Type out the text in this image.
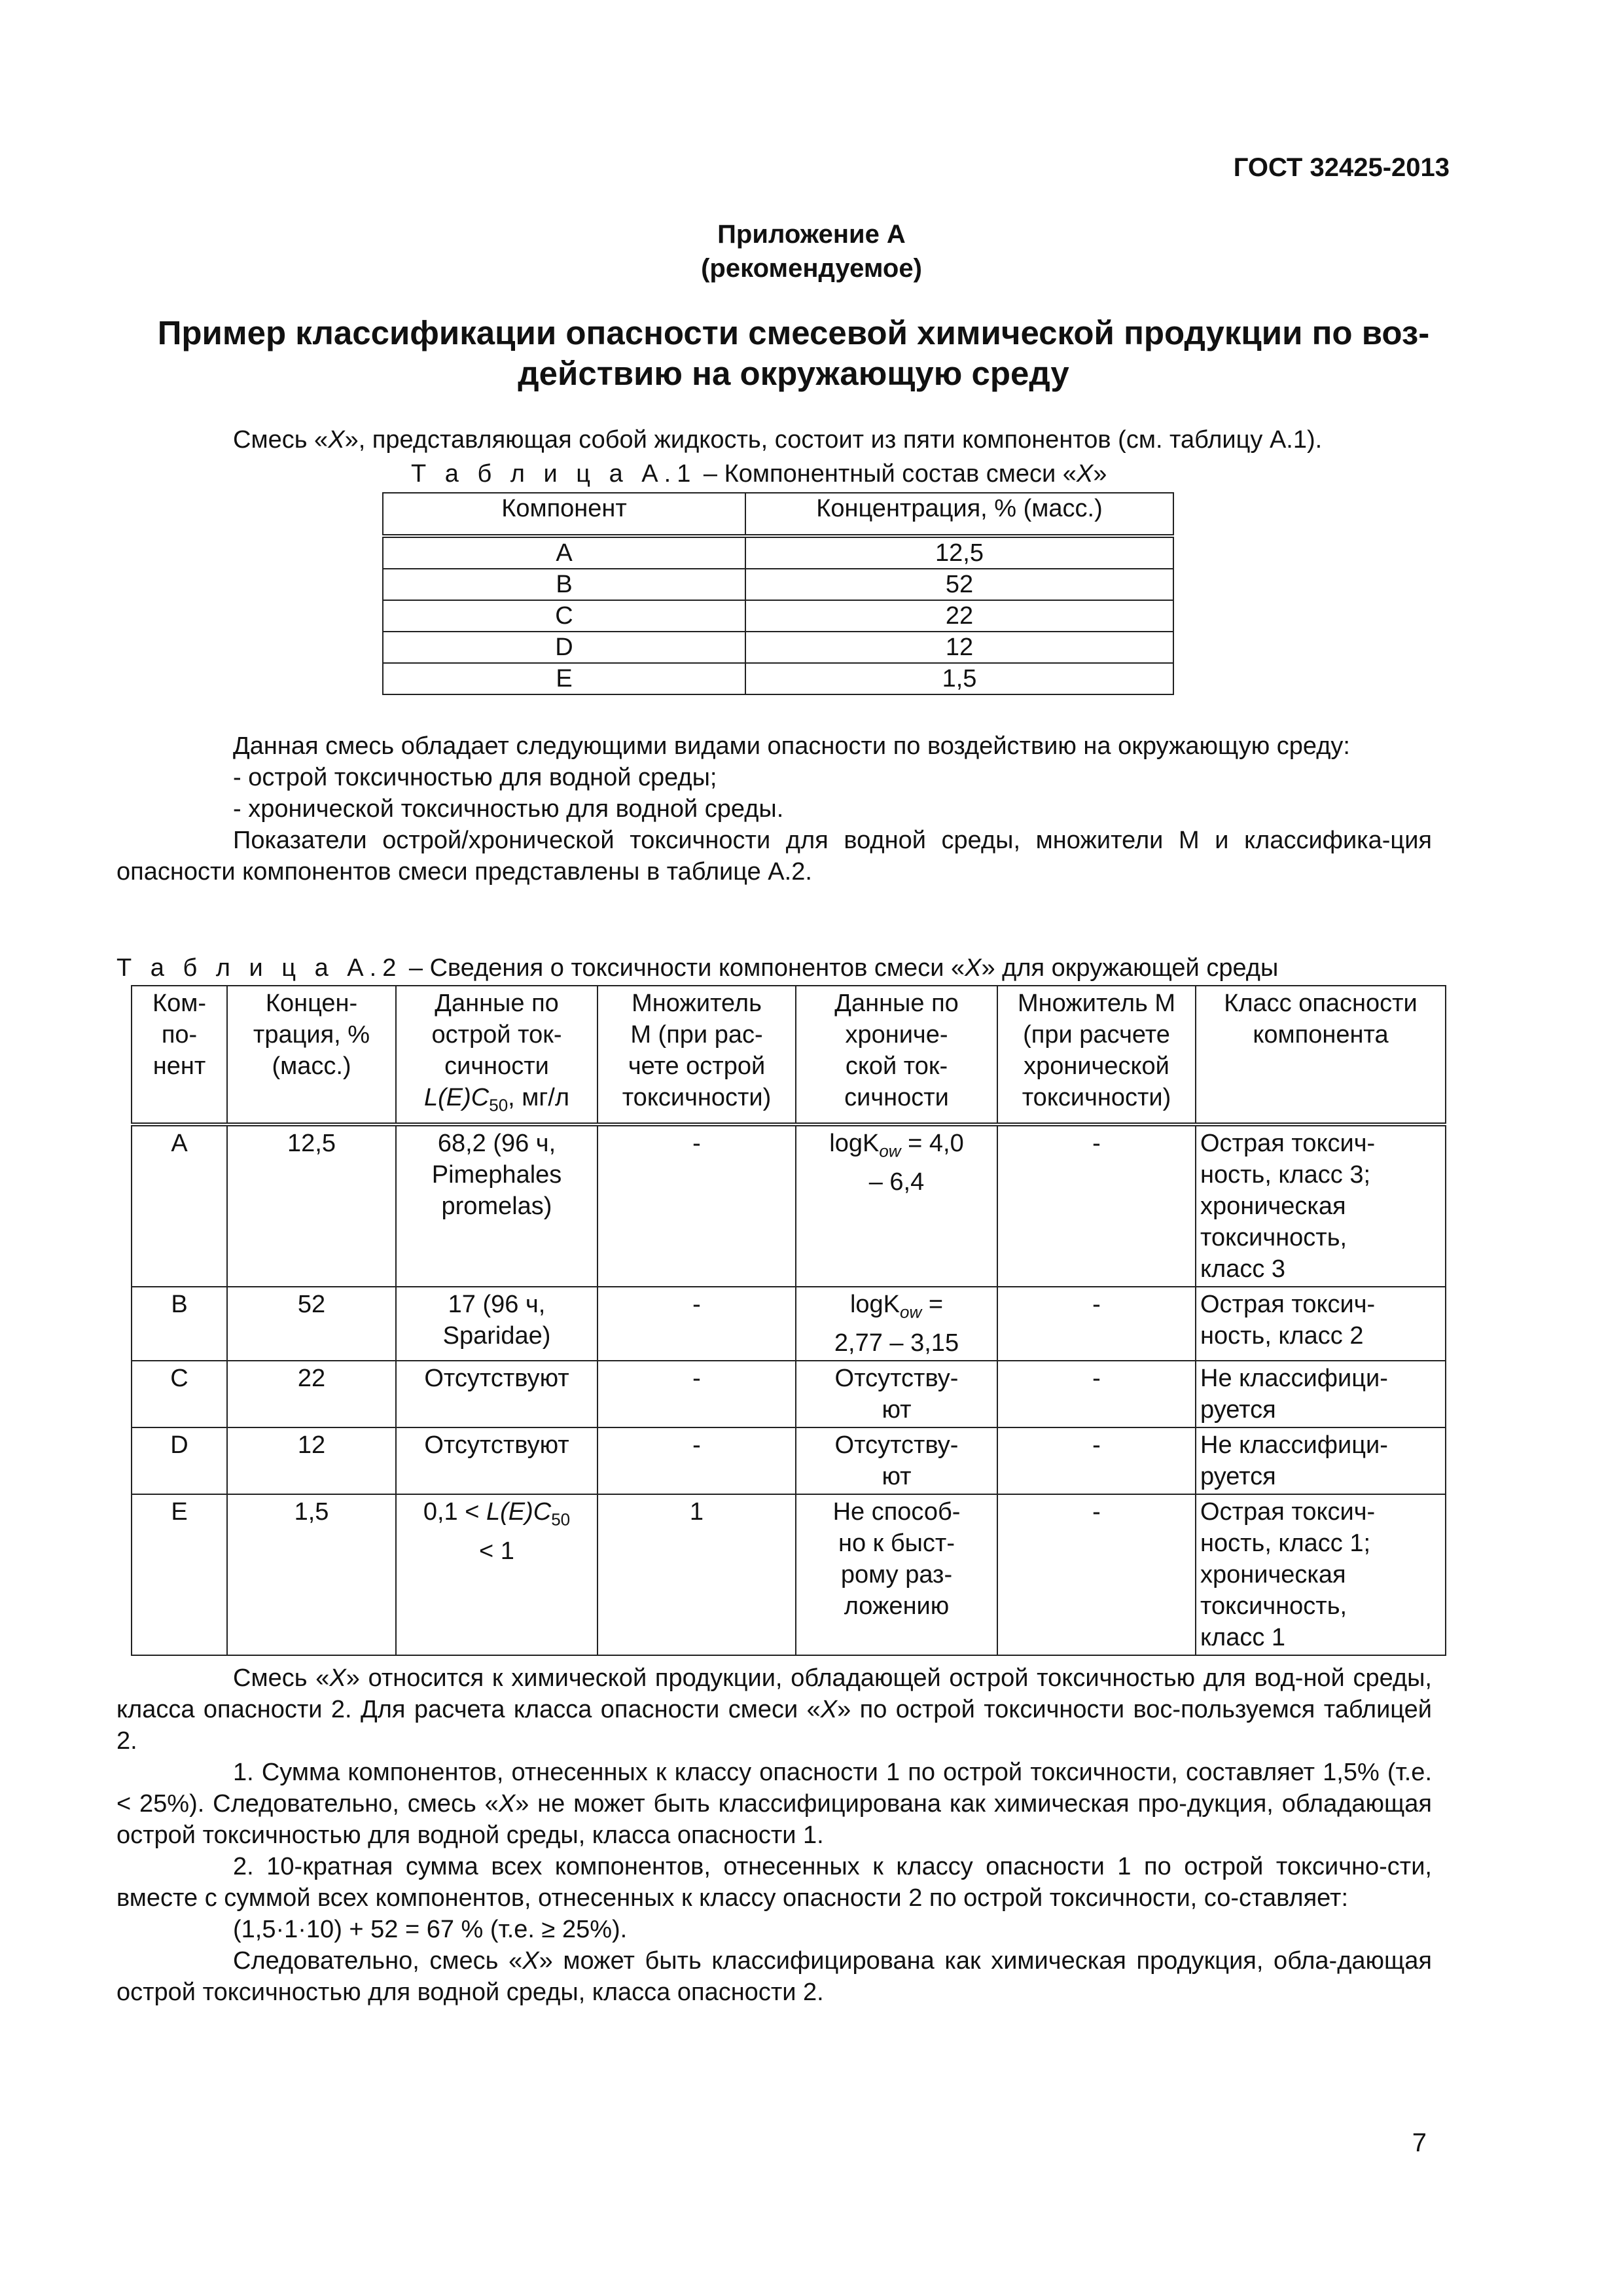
ГОСТ 32425-2013
Приложение А
(рекомендуемое)
Пример классификации опасности смесевой химической продукции по воз-
действию на окружающую среду

Смесь «X», представляющая собой жидкость, состоит из пяти компонентов (см. таблицу А.1).

Т а б л и ц а А.1 – Компонентный состав смеси «X»
Компонент	Концентрация, % (масс.)
A	12,5
B	52
C	22
D	12
E	1,5

Данная смесь обладает следующими видами опасности по воздействию на окружающую среду:

- острой токсичностью для водной среды;

- хронической токсичностью для водной среды.

Показатели острой/хронической токсичности для водной среды, множители М и классифика-ция опасности компонентов смеси представлены в таблице А.2.

Т а б л и ц а А.2 – Сведения о токсичности компонентов смеси «X» для окружающей среды
Ком-
по-
нент	Концен-
трация, %
(масс.)	Данные по
острой ток-
сичности
$L(E)C_{50}$, мг/л	Множитель
М (при рас-
чете острой
токсичности)	Данные по
хрониче-
ской ток-
сичности	Множитель М
(при расчете
хронической
токсичности)	Класс опасности
компонента
A	12,5	68,2 (96 ч,
Pimephales
promelas)	-	logK$_{ow}$ = 4,0
– 6,4	-	Острая токсич-
ность, класс 3;
хроническая
токсичность,
класс 3
B	52	17 (96 ч,
Sparidae)	-	logK$_{ow}$ =
2,77 – 3,15	-	Острая токсич-
ность, класс 2
C	22	Отсутствуют	-	Отсутству-
ют	-	Не классифици-
руется
D	12	Отсутствуют	-	Отсутству-
ют	-	Не классифици-
руется
E	1,5	$0,1 < L(E)C_{50}$
< 1	1	Не способ-
но к быст-
рому раз-
ложению	-	Острая токсич-
ность, класс 1;
хроническая
токсичность,
класс 1

Смесь «X» относится к химической продукции, обладающей острой токсичностью для вод-ной среды, класса опасности 2. Для расчета класса опасности смеси «X» по острой токсичности вос-пользуемся таблицей 2.

1. Сумма компонентов, отнесенных к классу опасности 1 по острой токсичности, составляет 1,5% (т.е. < 25%). Следовательно, смесь «X» не может быть классифицирована как химическая про-дукция, обладающая острой токсичностью для водной среды, класса опасности 1.

2. 10-кратная сумма всех компонентов, отнесенных к классу опасности 1 по острой токсично-сти, вместе с суммой всех компонентов, отнесенных к классу опасности 2 по острой токсичности, со-ставляет:

(1,5·1·10) + 52 = 67 % (т.е. ≥ 25%).

Следовательно, смесь «X» может быть классифицирована как химическая продукция, обла-дающая острой токсичностью для водной среды, класса опасности 2.

7
